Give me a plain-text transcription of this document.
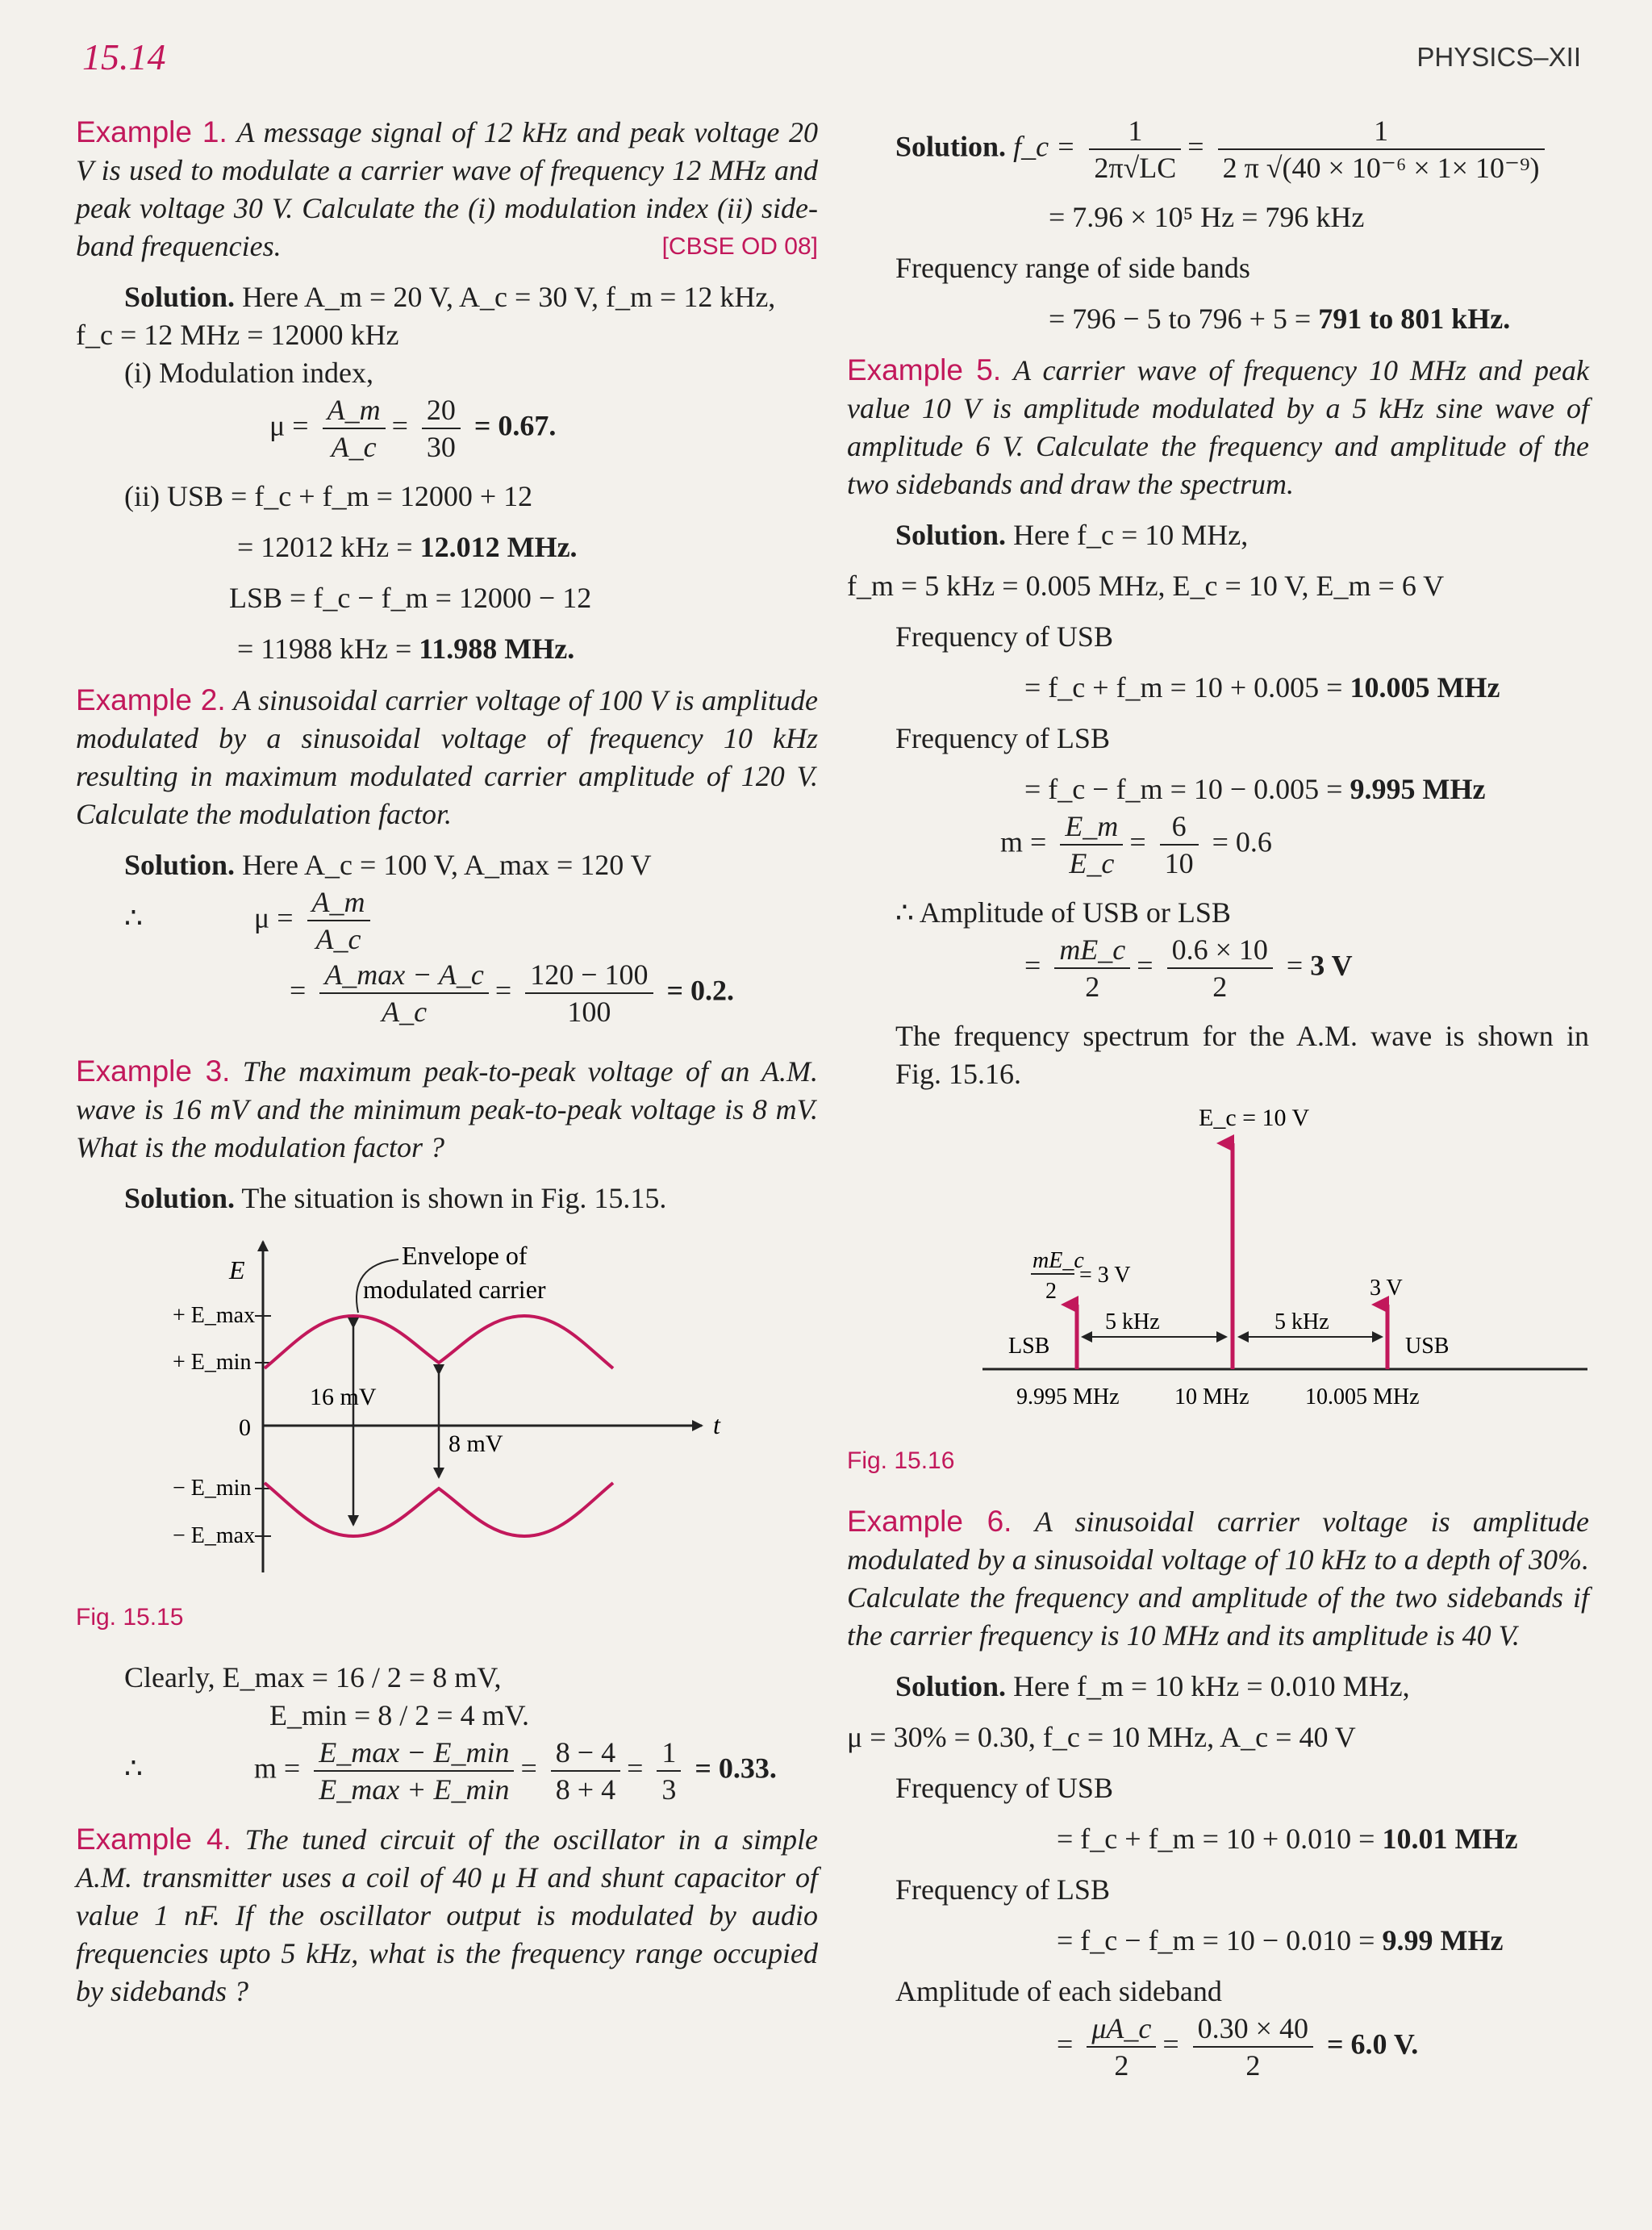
15.14	PHYSICS–XII

Example 1. A message signal of 12 kHz and peak voltage 20 V is used to modulate a carrier wave of frequency 12 MHz and peak voltage 30 V. Calculate the (i) modulation index (ii) side-band frequencies.	[CBSE OD 08]

Solution. Here A_m = 20 V, A_c = 30 V, f_m = 12 kHz,

f_c = 12 MHz = 12000 kHz

(i) Modulation index,

$\mu = \frac{A\_m}{A\_c} = \frac{20}{30} = 0.67$.

(ii) USB = f_c + f_m = 12000 + 12

= 12012 kHz = 12.012 MHz.

LSB = f_c − f_m = 12000 − 12

= 11988 kHz = 11.988 MHz.

Example 2. A sinusoidal carrier voltage of 100 V is amplitude modulated by a sinusoidal voltage of frequency 10 kHz resulting in maximum modulated carrier amplitude of 120 V. Calculate the modulation factor.

Solution. Here A_c = 100 V, A_max = 120 V

∴	$\mu = \frac{A\_m}{A\_c}$

= $\frac{A\_\max - A\_c}{A\_c} = \frac{120 - 100}{100} = 0.2$.

Example 3. The maximum peak-to-peak voltage of an A.M. wave is 16 mV and the minimum peak-to-peak voltage is 8 mV. What is the modulation factor ?

Solution. The situation is shown in Fig. 15.15.

E
t
0
+ E_max
+ E_min
− E_min
− E_max
Envelope of
modulated carrier
16 mV
8 mV
Fig. 15.15

Clearly, E_max = 16 / 2 = 8 mV,

E_min = 8 / 2 = 4 mV.

∴	$m = \frac{E\_\max - E\_\min}{E\_\max + E\_\min} = \frac{8 - 4}{8 + 4} = \frac{1}{3} = 0.33$.

Example 4. The tuned circuit of the oscillator in a simple A.M. transmitter uses a coil of 40 μ H and shunt capacitor of value 1 nF. If the oscillator output is modulated by audio frequencies upto 5 kHz, what is the frequency range occupied by sidebands ?

Solution. f_c = $\frac{1}{2\pi√LC} = \frac{1}{\text{2 π √(40 × 10⁻⁶ × 1× 10⁻⁹)}}$

= 7.96 × 10⁵ Hz = 796 kHz

Frequency range of side bands

= 796 − 5 to 796 + 5 = 791 to 801 kHz.

Example 5. A carrier wave of frequency 10 MHz and peak value 10 V is amplitude modulated by a 5 kHz sine wave of amplitude 6 V. Calculate the frequency and amplitude of the two sidebands and draw the spectrum.

Solution. Here f_c = 10 MHz,

f_m = 5 kHz = 0.005 MHz, E_c = 10 V, E_m = 6 V

Frequency of USB

= f_c + f_m = 10 + 0.005 = 10.005 MHz

Frequency of LSB

= f_c − f_m = 10 − 0.005 = 9.995 MHz

$m = \frac{E\_m}{E\_c} = \frac{6}{10} = 0.6$

∴ Amplitude of USB or LSB

= $\frac{mE\_c}{2} = \frac{0.6 \times 10}{2} = 3$ V

The frequency spectrum for the A.M. wave is shown in Fig. 15.16.

E_c = 10 V
mE_c
2
= 3 V
3 V
LSB	USB
5 kHz	5 kHz
9.995 MHz 10 MHz 10.005 MHz
Fig. 15.16

Example 6. A sinusoidal carrier voltage is amplitude modulated by a sinusoidal voltage of 10 kHz to a depth of 30%. Calculate the frequency and amplitude of the two sidebands if the carrier frequency is 10 MHz and its amplitude is 40 V.

Solution. Here f_m = 10 kHz = 0.010 MHz,

μ = 30% = 0.30, f_c = 10 MHz, A_c = 40 V

Frequency of USB

= f_c + f_m = 10 + 0.010 = 10.01 MHz

Frequency of LSB

= f_c − f_m = 10 − 0.010 = 9.99 MHz

Amplitude of each sideband

= $\frac{\mu A\_c}{2} = \frac{0.30 \times 40}{2} = 6.0$ V.
